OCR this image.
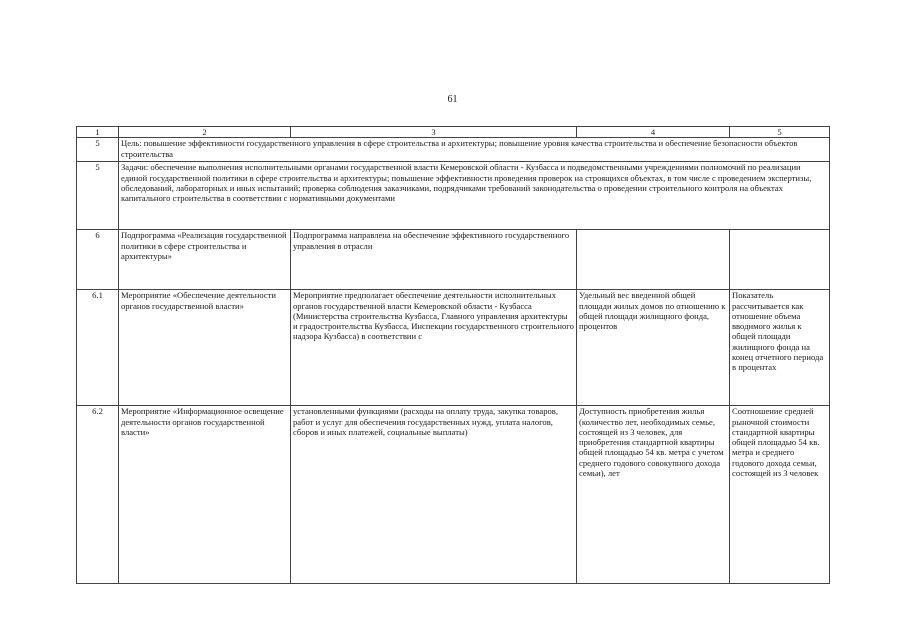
61
1	2	3	4	5
5	Цель: повышение эффективности государственного управления в сфере строительства и архитектуры; повышение уровня качества строительства и обеспечение безопасности объектов строительства			
5	Задачи: обеспечение выполнения исполнительными органами государственной власти Кемеровской области - Кузбасса и подведомственными учреждениями полномочий по реализации единой государственной политики в сфере строительства и архитектуры; повышение эффективности проведения проверок на строящихся объектах, в том числе с проведением экспертизы, обследований, лабораторных и иных испытаний; проверка соблюдения заказчиками, подрядчиками требований законодательства о проведении строительного контроля на объектах капитального строительства в соответствии с нормативными документами			
6	Подпрограмма «Реализация государственной политики в сфере строительства и архитектуры»	Подпрограмма направлена на обеспечение эффективного государственного управления в отрасли		
6.1	Мероприятие «Обеспечение деятельности органов государственной власти»	Мероприятие предполагает обеспечение деятельности исполнительных органов государственной власти Кемеровской области - Кузбасса (Министерства строительства Кузбасса, Главного управления архитектуры и градостроительства Кузбасса, Инспекции государственного строительного надзора Кузбасса) в соответствии с	Удельный вес введенной общей площади жилых домов по отношению к общей площади жилищного фонда, процентов	Показатель рассчитывается как отношение объема вводимого жилья к общей площади жилищного фонда на конец отчетного периода в процентах
6.2	Мероприятие «Информационное освещение деятельности органов государственной власти»	установленными функциями (расходы на оплату труда, закупка товаров, работ и услуг для обеспечения государственных нужд, уплата налогов, сборов и иных платежей, социальные выплаты)	Доступность приобретения жилья (количество лет, необходимых семье, состоящей из 3 человек, для приобретения стандартной квартиры общей площадью 54 кв. метра с учетом среднего годового совокупного дохода семьи), лет	Соотношение средней рыночной стоимости стандартной квартиры общей площадью 54 кв. метра и среднего годового дохода семьи, состоящей из 3 человек
